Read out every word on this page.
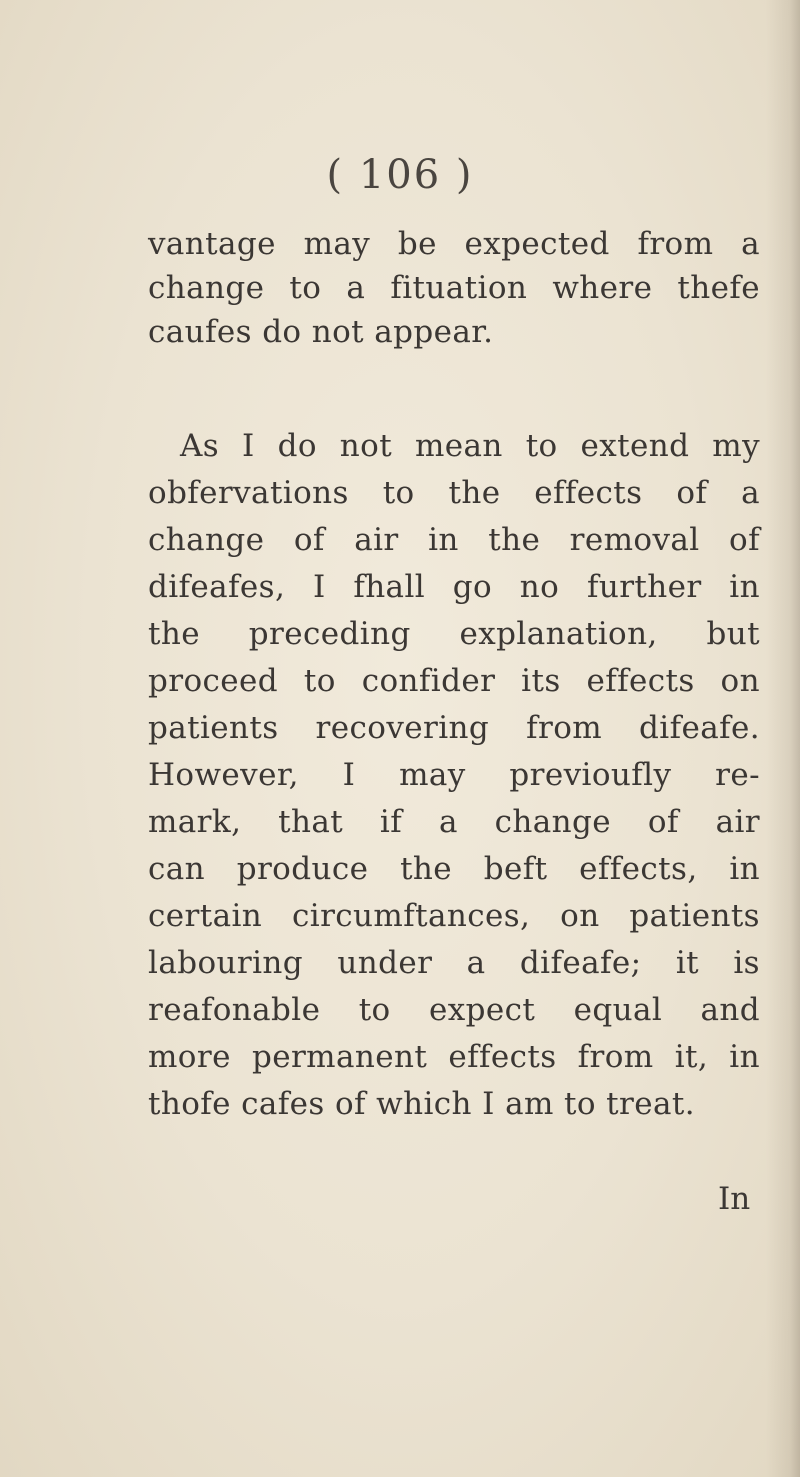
( 106 )
vantage may be expected from a
change to a fituation where thefe
caufes do not appear.
As I do not mean to extend my
obfervations to the effects of a
change of air in the removal of
difeafes, I fhall go no further in
the preceding explanation, but
proceed to confider its effects on
patients recovering from difeafe.
However, I may previoufly re-
mark, that if a change of air
can produce the beft effects, in
certain circumftances, on patients
labouring under a difeafe; it is
reafonable to expect equal and
more permanent effects from it, in
thofe cafes of which I am to treat.
In
